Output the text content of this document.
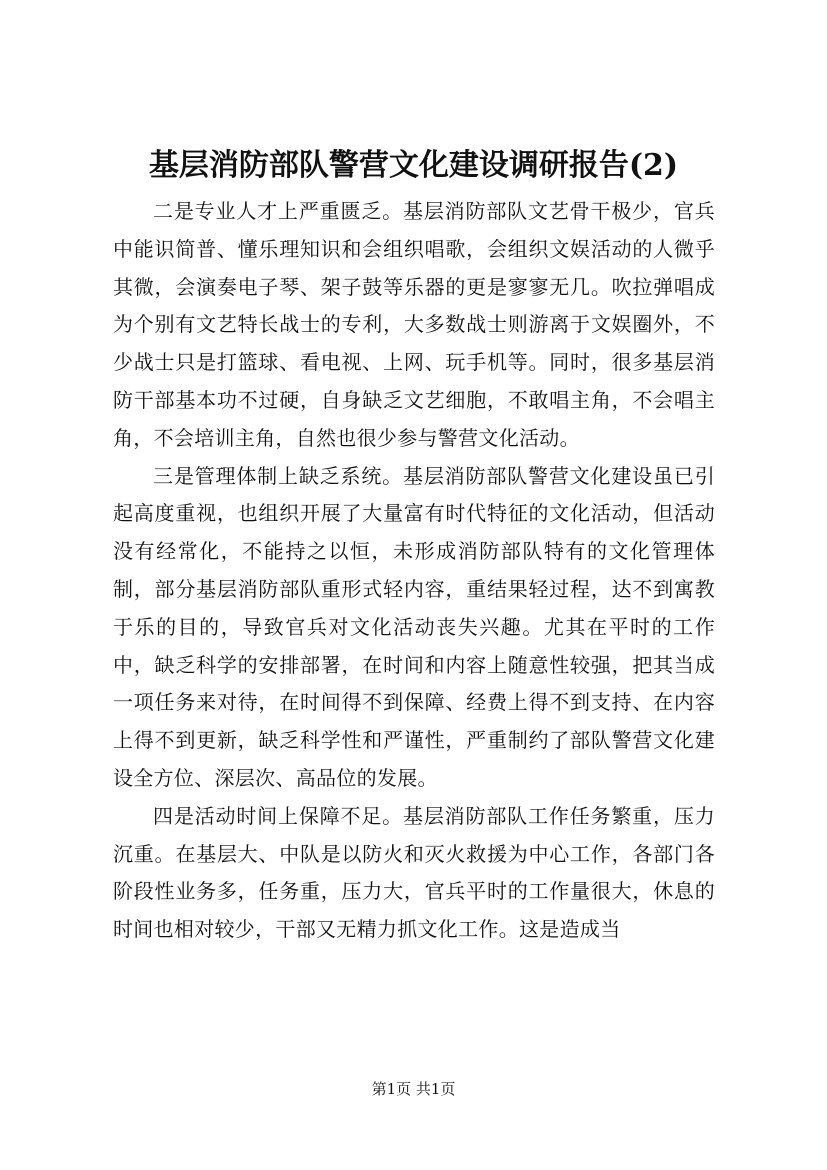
基层消防部队警营文化建设调研报告(2)

二是专业人才上严重匮乏。基层消防部队文艺骨干极少，官兵中能识简普、懂乐理知识和会组织唱歌，会组织文娱活动的人微乎其微，会演奏电子琴、架子鼓等乐器的更是寥寥无几。吹拉弹唱成为个别有文艺特长战士的专利，大多数战士则游离于文娱圈外，不少战士只是打篮球、看电视、上网、玩手机等。同时，很多基层消防干部基本功不过硬，自身缺乏文艺细胞，不敢唱主角，不会唱主角，不会培训主角，自然也很少参与警营文化活动。

三是管理体制上缺乏系统。基层消防部队警营文化建设虽已引起高度重视，也组织开展了大量富有时代特征的文化活动，但活动没有经常化，不能持之以恒，未形成消防部队特有的文化管理体制，部分基层消防部队重形式轻内容，重结果轻过程，达不到寓教于乐的目的，导致官兵对文化活动丧失兴趣。尤其在平时的工作中，缺乏科学的安排部署，在时间和内容上随意性较强，把其当成一项任务来对待，在时间得不到保障、经费上得不到支持、在内容上得不到更新，缺乏科学性和严谨性，严重制约了部队警营文化建设全方位、深层次、高品位的发展。

四是活动时间上保障不足。基层消防部队工作任务繁重，压力沉重。在基层大、中队是以防火和灭火救援为中心工作，各部门各阶段性业务多，任务重，压力大，官兵平时的工作量很大，休息的时间也相对较少，干部又无精力抓文化工作。这是造成当

第1页 共1页
